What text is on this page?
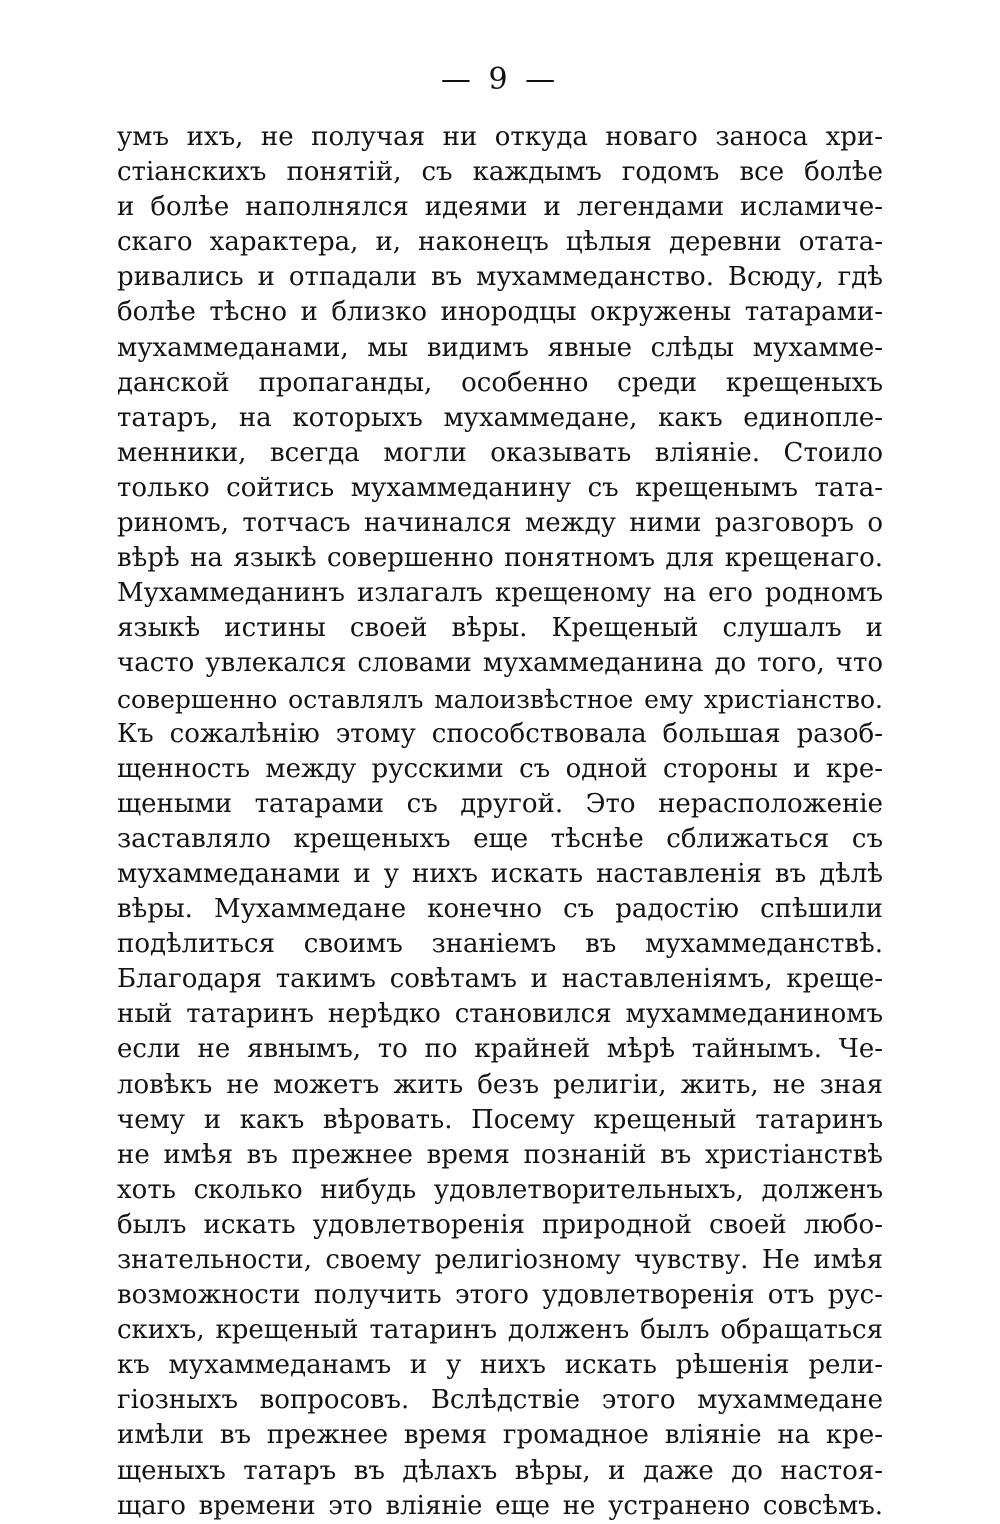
— 9 —
умъ ихъ, не получая ни откуда новаго заноса хри-
стіанскихъ понятій, съ каждымъ годомъ все болѣе
и болѣе наполнялся идеями и легендами исламиче-
скаго характера, и, наконецъ цѣлыя деревни отата-
ривались и отпадали въ мухаммеданство. Всюду, гдѣ
болѣе тѣсно и близко инородцы окружены татарами-
мухаммеданами, мы видимъ явные слѣды мухамме-
данской пропаганды, особенно среди крещеныхъ
татаръ, на которыхъ мухаммедане, какъ единопле-
менники, всегда могли оказывать вліяніе. Стоило
только сойтись мухаммеданину съ крещенымъ тата-
риномъ, тотчасъ начинался между ними разговоръ о
вѣрѣ на языкѣ совершенно понятномъ для крещенаго.
Мухаммеданинъ излагалъ крещеному на его родномъ
языкѣ истины своей вѣры. Крещеный слушалъ и
часто увлекался словами мухаммеданина до того, что
совершенно оставлялъ малоизвѣстное ему христіанство.
Къ сожалѣнію этому способствовала большая разоб-
щенность между русскими съ одной стороны и кре-
щеными татарами съ другой. Это нерасположеніе
заставляло крещеныхъ еще тѣснѣе сближаться съ
мухаммеданами и у нихъ искать наставленія въ дѣлѣ
вѣры. Мухаммедане конечно съ радостію спѣшили
подѣлиться своимъ знаніемъ въ мухаммеданствѣ.
Благодаря такимъ совѣтамъ и наставленіямъ, креще-
ный татаринъ нерѣдко становился мухаммеданиномъ
если не явнымъ, то по крайней мѣрѣ тайнымъ. Че-
ловѣкъ не можетъ жить безъ религіи, жить, не зная
чему и какъ вѣровать. Посему крещеный татаринъ
не имѣя въ прежнее время познаній въ христіанствѣ
хоть сколько нибудь удовлетворительныхъ, долженъ
былъ искать удовлетворенія природной своей любо-
знательности, своему религіозному чувству. Не имѣя
возможности получить этого удовлетворенія отъ рус-
скихъ, крещеный татаринъ долженъ былъ обращаться
къ мухаммеданамъ и у нихъ искать рѣшенія рели-
гіозныхъ вопросовъ. Вслѣдствіе этого мухаммедане
имѣли въ прежнее время громадное вліяніе на кре-
щеныхъ татаръ въ дѣлахъ вѣры, и даже до настоя-
щаго времени это вліяніе еще не устранено совсѣмъ.
